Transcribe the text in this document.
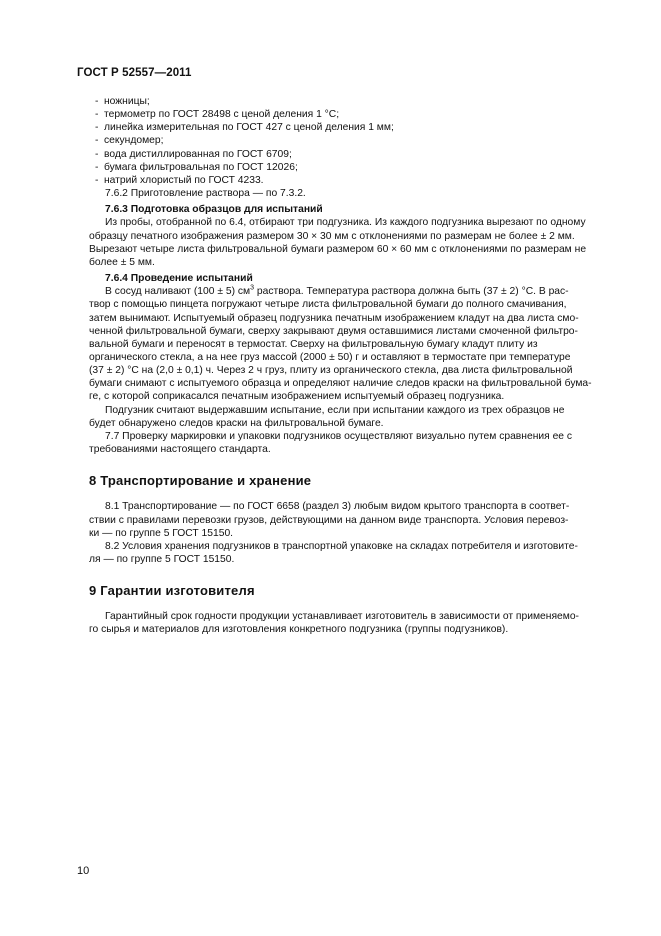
ГОСТ Р 52557—2011

- ножницы;

- термометр по ГОСТ 28498 с ценой деления 1 °С;

- линейка измерительная по ГОСТ 427 с ценой деления 1 мм;

- секундомер;

- вода дистиллированная по ГОСТ 6709;

- бумага фильтровальная по ГОСТ 12026;

- натрий хлористый по ГОСТ 4233.

7.6.2 Приготовление раствора — по 7.3.2.

7.6.3 Подготовка образцов для испытаний

Из пробы, отобранной по 6.4, отбирают три подгузника. Из каждого подгузника вырезают по одному

образцу печатного изображения размером 30 × 30 мм с отклонениями по размерам не более ± 2 мм.

Вырезают четыре листа фильтровальной бумаги размером 60 × 60 мм с отклонениями по размерам не

более ± 5 мм.

7.6.4 Проведение испытаний

В сосуд наливают (100 ± 5) $см^3$ раствора. Температура раствора должна быть (37 ± 2) °С. В рас-

твор с помощью пинцета погружают четыре листа фильтровальной бумаги до полного смачивания,

затем вынимают. Испытуемый образец подгузника печатным изображением кладут на два листа смо-

ченной фильтровальной бумаги, сверху закрывают двумя оставшимися листами смоченной фильтро-

вальной бумаги и переносят в термостат. Сверху на фильтровальную бумагу кладут плиту из

органического стекла, а на нее груз массой (2000 ± 50) г и оставляют в термостате при температуре

(37 ± 2) °С на (2,0 ± 0,1) ч. Через 2 ч груз, плиту из органического стекла, два листа фильтровальной

бумаги снимают с испытуемого образца и определяют наличие следов краски на фильтровальной бума-

ге, с которой соприкасался печатным изображением испытуемый образец подгузника.

Подгузник считают выдержавшим испытание, если при испытании каждого из трех образцов не

будет обнаружено следов краски на фильтровальной бумаге.

7.7 Проверку маркировки и упаковки подгузников осуществляют визуально путем сравнения ее с

требованиями настоящего стандарта.

8 Транспортирование и хранение

8.1 Транспортирование — по ГОСТ 6658 (раздел 3) любым видом крытого транспорта в соответ-

ствии с правилами перевозки грузов, действующими на данном виде транспорта. Условия перевоз-

ки — по группе 5 ГОСТ 15150.

8.2 Условия хранения подгузников в транспортной упаковке на складах потребителя и изготовите-

ля — по группе 5 ГОСТ 15150.

9 Гарантии изготовителя

Гарантийный срок годности продукции устанавливает изготовитель в зависимости от применяемо-

го сырья и материалов для изготовления конкретного подгузника (группы подгузников).

10
